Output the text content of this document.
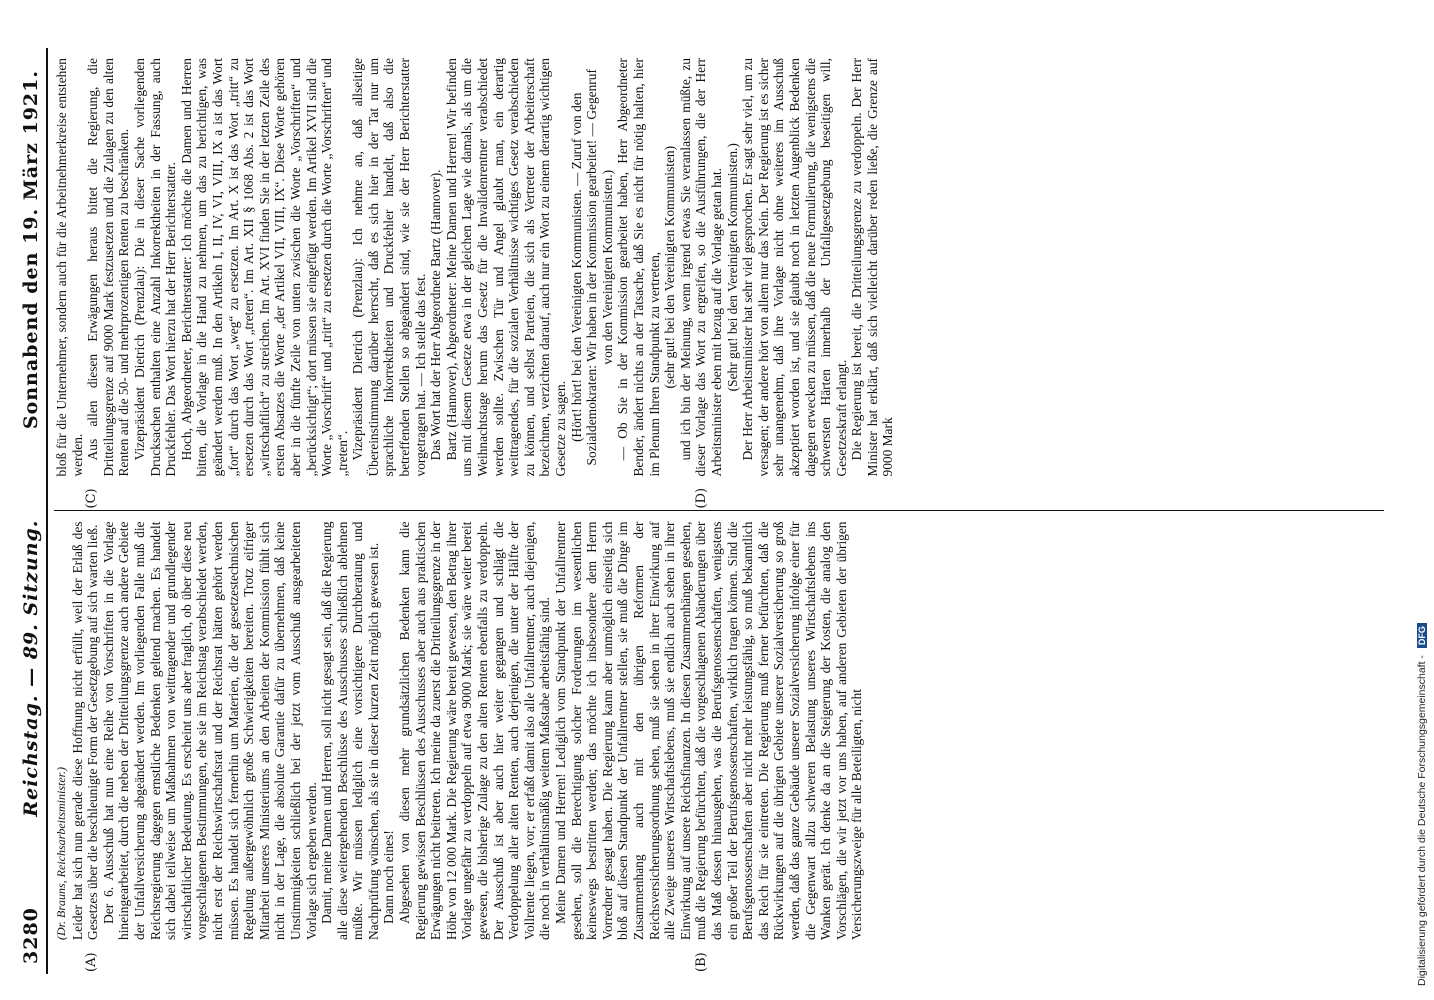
3280
Reichstag. — 89. Sitzung.
Sonnabend den 19. März 1921.
(A)	(B)

(Dr. Brauns, Reichsarbeitsminister.) Leider hat sich nun gerade diese Hoffnung nicht erfüllt, weil der Erlaß des Gesetzes über die beschleunigte Form der Gesetzgebung auf sich warten ließ. Der 6. Ausschuß hat nun eine Reihe von Vorschriften in die Vorlage hineingearbeitet, durch die neben der Dritteilungsgrenze auch andere Gebiete der Unfallversicherung abgeändert werden. Im vorliegenden Falle muß die Reichsregierung dagegen ernstliche Bedenken geltend machen. Es handelt sich dabei teilweise um Maßnahmen von weittragender und grundlegender wirtschaftlicher Bedeutung. Es erscheint uns aber fraglich, ob über diese neu vorgeschlagenen Bestimmungen, ehe sie im Reichstag verabschiedet werden, nicht erst der Reichswirtschaftsrat und der Reichsrat hätten gehört werden müssen. Es handelt sich fernerhin um Materien, die der gesetzestechnischen Regelung außergewöhnlich große Schwierigkeiten bereiten. Trotz eifriger Mitarbeit unseres Ministeriums an den Arbeiten der Kommission fühlt sich nicht in der Lage, die absolute Garantie dafür zu übernehmen, daß keine Unstimmigkeiten schließlich bei der jetzt vom Ausschuß ausgearbeiteten Vorlage sich ergeben werden. Damit, meine Damen und Herren, soll nicht gesagt sein, daß die Regierung alle diese weitergehenden Beschlüsse des Ausschusses schließlich ablehnen müßte. Wir müssen lediglich eine vorsichtigere Durchberatung und Nachprüfung wünschen, als sie in dieser kurzen Zeit möglich gewesen ist. Dann noch eines! Abgesehen von diesen mehr grundsätzlichen Bedenken kann die Regierung gewissen Beschlüssen des Ausschusses aber auch aus praktischen Erwägungen nicht beitreten. Ich meine da zuerst die Dritteilungsgrenze in der Höhe von 12 000 Mark. Die Regierung wäre bereit gewesen, den Betrag ihrer Vorlage ungefähr zu verdoppeln auf etwa 9000 Mark; sie wäre weiter bereit gewesen, die bisherige Zulage zu den alten Renten ebenfalls zu verdoppeln. Der Ausschuß ist aber auch hier weiter gegangen und schlägt die Verdoppelung aller alten Renten, auch derjenigen, die unter der Hälfte der Vollrente liegen, vor; er erfaßt damit also alle Unfallrentner, auch diejenigen, die noch in verhältnismäßig weitem Maßstabe arbeitsfähig sind. Meine Damen und Herren! Lediglich vom Standpunkt der Unfallrentner gesehen, soll die Berechtigung solcher Forderungen im wesentlichen keineswegs bestritten werden; das möchte ich insbesondere dem Herrn Vorredner gesagt haben. Die Regierung kann aber unmöglich einseitig sich bloß auf diesen Standpunkt der Unfallrentner stellen, sie muß die Dinge im Zusammenhang auch mit den übrigen Reformen der Reichsversicherungsordnung sehen, muß sie sehen in ihrer Einwirkung auf alle Zweige unseres Wirtschaftslebens, muß sie endlich auch sehen in ihrer Einwirkung auf unsere Reichsfinanzen. In diesen Zusammenhängen gesehen, muß die Regierung befürchten, daß die vorgeschlagenen Abänderungen über das Maß dessen hinausgehen, was die Berufsgenossenschaften, wenigstens ein großer Teil der Berufsgenossenschaften, wirklich tragen können. Sind die Berufsgenossenschaften aber nicht mehr leistungsfähig, so muß bekanntlich das Reich für sie eintreten. Die Regierung muß ferner befürchten, daß die Rückwirkungen auf die übrigen Gebiete unserer Sozialversicherung so groß werden, daß das ganze Gebäude unserer Sozialversicherung infolge einer für die Gegenwart allzu schweren Belastung unseres Wirtschaftslebens ins Wanken gerät. Ich denke da an die Steigerung der Kosten, die analog den Vorschlägen, die wir jetzt vor uns haben, auf anderen Gebieten der übrigen Versicherungszweige für alle Beteiligten, nicht

(C)	(D)

bloß für die Unternehmer, sondern auch für die Arbeitnehmerkreise entstehen werden. Aus allen diesen Erwägungen heraus bittet die Regierung, die Dritteilungsgrenze auf 9000 Mark festzusetzen und die Zulagen zu den alten Renten auf die 50- und mehrprozentigen Renten zu beschränken. Vizepräsident Dietrich (Prenzlau): Die in dieser Sache vorliegenden Drucksachen enthalten eine Anzahl Inkorrektheiten in der Fassung, auch Druckfehler. Das Wort hierzu hat der Herr Berichterstatter. Hoch, Abgeordneter, Berichterstatter: Ich möchte die Damen und Herren bitten, die Vorlage in die Hand zu nehmen, um das zu berichtigen, was geändert werden muß. In den Artikeln I, II, IV, VI, VIII, IX a ist das Wort „fort“ durch das Wort „weg“ zu ersetzen. Im Art. X ist das Wort „tritt“ zu ersetzen durch das Wort „treten“. Im Art. XII § 1068 Abs. 2 ist das Wort „wirtschaftlich“ zu streichen. Im Art. XVI finden Sie in der letzten Zeile des ersten Absatzes die Worte „der Artikel VII, VIII, IX“. Diese Worte gehören aber in die fünfte Zeile von unten zwischen die Worte „Vorschriften“ und „berücksichtigt“; dort müssen sie eingefügt werden. Im Artikel XVII sind die Worte „Vorschrift“ und „tritt“ zu ersetzen durch die Worte „Vorschriften“ und „treten“. Vizepräsident Dietrich (Prenzlau): Ich nehme an, daß allseitige Übereinstimmung darüber herrscht, daß es sich hier in der Tat nur um sprachliche Inkorrektheiten und Druckfehler handelt, daß also die betreffenden Stellen so abgeändert sind, wie sie der Herr Berichterstatter vorgetragen hat. — Ich stelle das fest. Das Wort hat der Herr Abgeordnete Bartz (Hannover). Bartz (Hannover), Abgeordneter: Meine Damen und Herren! Wir befinden uns mit diesem Gesetze etwa in der gleichen Lage wie damals, als um die Weihnachtstage herum das Gesetz für die Invalidenrentner verabschiedet werden sollte. Zwischen Tür und Angel glaubt man, ein derartig weittragendes, für die sozialen Verhältnisse wichtiges Gesetz verabschieden zu können, und selbst Parteien, die sich als Vertreter der Arbeiterschaft bezeichnen, verzichten darauf, auch nur ein Wort zu einem derartig wichtigen Gesetze zu sagen. (Hört! hört! bei den Vereinigten Kommunisten. — Zuruf von den Sozialdemokraten: Wir haben in der Kommission gearbeitet! — Gegenruf von den Vereinigten Kommunisten.) — Ob Sie in der Kommission gearbeitet haben, Herr Abgeordneter Bender, ändert nichts an der Tatsache, daß Sie es nicht für nötig halten, hier im Plenum Ihren Standpunkt zu vertreten, (sehr gut! bei den Vereinigten Kommunisten) und ich bin der Meinung, wenn irgend etwas Sie veranlassen müßte, zu dieser Vorlage das Wort zu ergreifen, so die Ausführungen, die der Herr Arbeitsminister eben mit bezug auf die Vorlage getan hat. (Sehr gut! bei den Vereinigten Kommunisten.) Der Herr Arbeitsminister hat sehr viel gesprochen. Er sagt sehr viel, um zu versagen; der andere hört von allem nur das Nein. Der Regierung ist es sicher sehr unangenehm, daß ihre Vorlage nicht ohne weiteres im Ausschuß akzeptiert worden ist, und sie glaubt noch in letzten Augenblick Bedenken dagegen erwecken zu müssen, daß die neue Formulierung, die wenigstens die schwersten Härten innerhalb der Unfallgesetzgebung beseitigen will, Gesetzeskraft erlangt. Die Regierung ist bereit, die Dritteilungsgrenze zu verdoppeln. Der Herr Minister hat erklärt, daß sich vielleicht darüber reden ließe, die Grenze auf 9000 Mark

Digitalisierung gefördert durch die Deutsche Forschungsgemeinschaft - DFG
